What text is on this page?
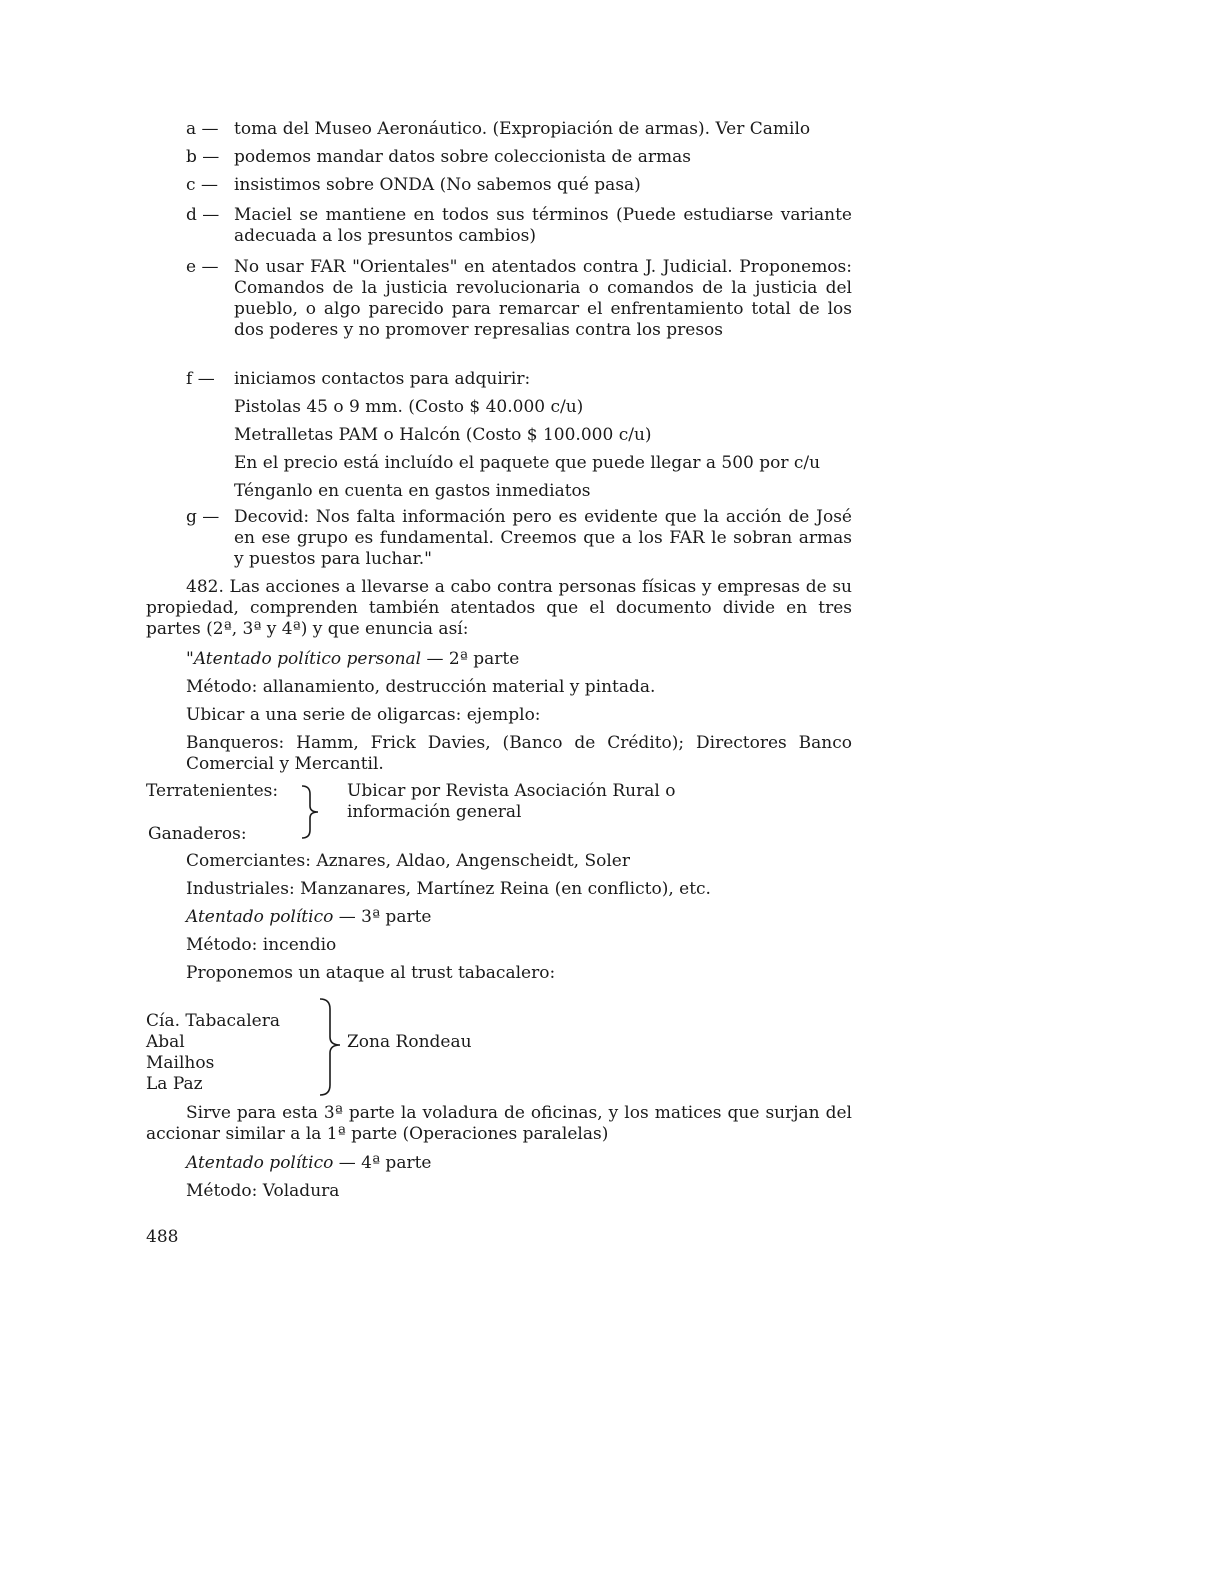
a — toma del Museo Aeronáutico. (Expropiación de armas). Ver Camilo
b — podemos mandar datos sobre coleccionista de armas
c — insistimos sobre ONDA (No sabemos qué pasa)
d — Maciel se mantiene en todos sus términos (Puede estudiarse variante adecuada a los presuntos cambios)
e — No usar FAR "Orientales" en atentados contra J. Judicial. Proponemos: Comandos de la justicia revolucionaria o comandos de la justicia del pueblo, o algo parecido para remarcar el enfrentamiento total de los dos poderes y no promover represalias contra los presos
f —	iniciamos contactos para adquirir:
Pistolas 45 o 9 mm. (Costo $ 40.000 c/u)
Metralletas PAM o Halcón (Costo $ 100.000 c/u)
En el precio está incluído el paquete que puede llegar a 500 por c/u
Ténganlo en cuenta en gastos inmediatos
g — Decovid: Nos falta información pero es evidente que la acción de José en ese grupo es fundamental. Creemos que a los FAR le sobran armas y puestos para luchar."
482. Las acciones a llevarse a cabo contra personas físicas y empresas de su propiedad, comprenden también atentados que el documento divide en tres partes (2ª, 3ª y 4ª) y que enuncia así:
"Atentado político personal — 2ª parte
Método: allanamiento, destrucción material y pintada.
Ubicar a una serie de oligarcas: ejemplo:
Banqueros: Hamm, Frick Davies, (Banco de Crédito); Directores Banco Comercial y Mercantil.
Terratenientes:
Ganaderos:
Ubicar por Revista Asociación Rural o
información general
Comerciantes: Aznares, Aldao, Angenscheidt, Soler
Industriales: Manzanares, Martínez Reina (en conflicto), etc.
Atentado político — 3ª parte
Método: incendio
Proponemos un ataque al trust tabacalero:
Cía. Tabacalera
Abal
Mailhos
La Paz
Zona Rondeau
Sirve para esta 3ª parte la voladura de oficinas, y los matices que surjan del accionar similar a la 1ª parte (Operaciones paralelas)
Atentado político — 4ª parte
Método: Voladura
488
